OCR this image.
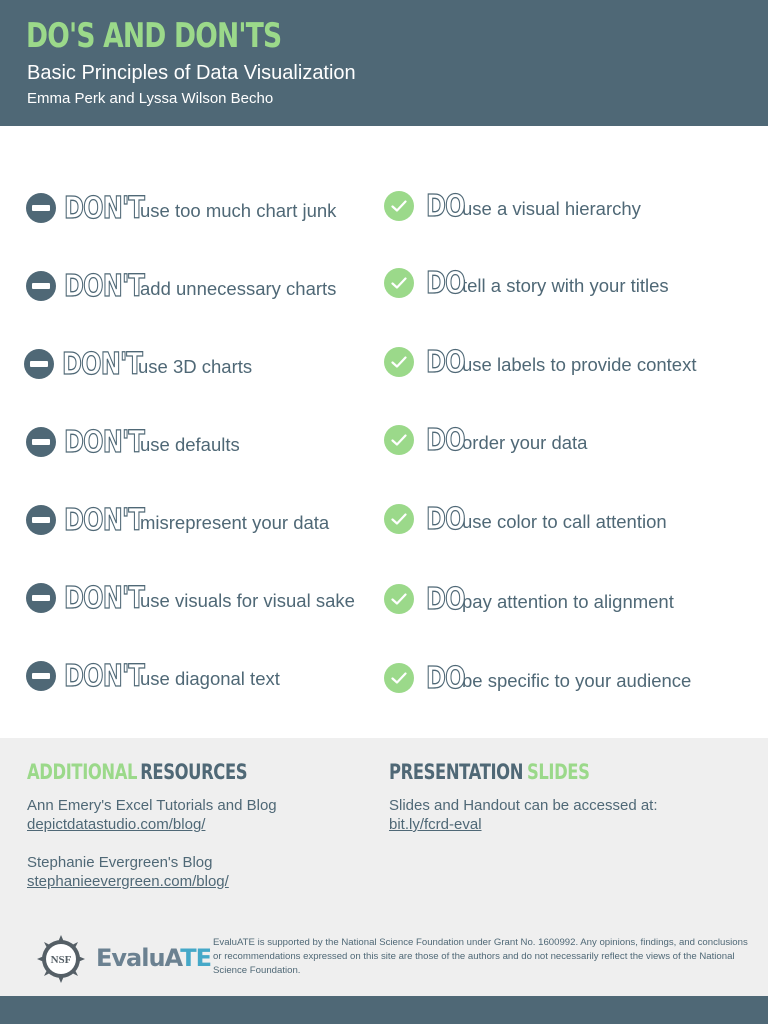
DO'S AND DON'TS
Basic Principles of Data Visualization
Emma Perk and Lyssa Wilson Becho
DON'T
use too much chart junk
DON'T
add unnecessary charts
DON'T
use 3D charts
DON'T
use defaults
DON'T
misrepresent your data
DON'T
use visuals for visual sake
DON'T
use diagonal text
DO
use a visual hierarchy
DO
tell a story with your titles
DO
use labels to provide context
DO
order your data
DO
use color to call attention
DO
pay attention to alignment
DO
be specific to your audience
ADDITIONAL RESOURCES
Ann Emery's Excel Tutorials and Blog
depictdatastudio.com/blog/
Stephanie Evergreen's Blog
stephanieevergreen.com/blog/
PRESENTATION SLIDES
Slides and Handout can be accessed at:
bit.ly/fcrd-eval
NSF EvaluATE
EvaluATE is supported by the National Science Foundation under Grant No. 1600992. Any opinions, findings, and conclusions or recommendations expressed on this site are those of the authors and do not necessarily reflect the views of the National Science Foundation.
